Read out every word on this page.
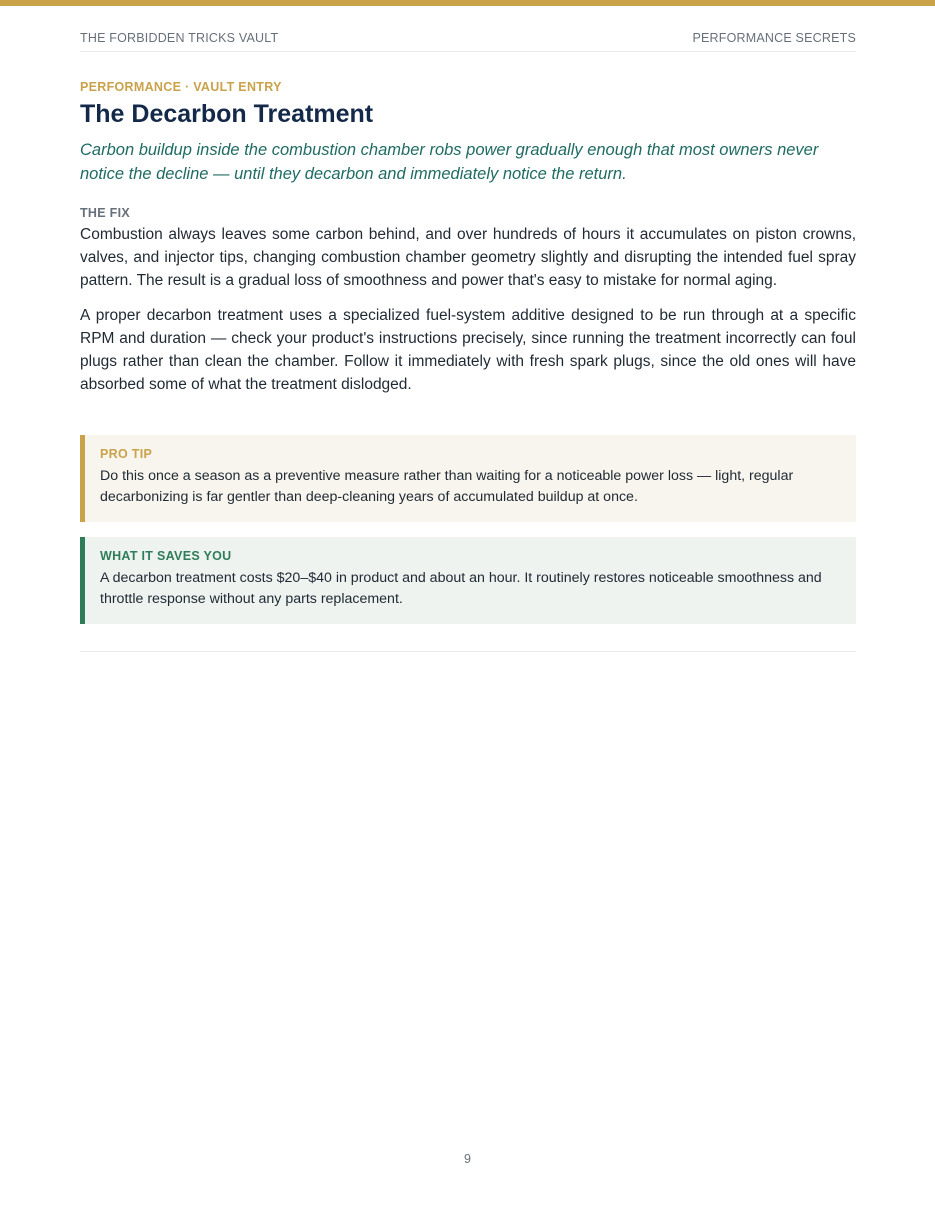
THE FORBIDDEN TRICKS VAULT	PERFORMANCE SECRETS

PERFORMANCE · VAULT ENTRY

The Decarbon Treatment

Carbon buildup inside the combustion chamber robs power gradually enough that most owners never notice the decline — until they decarbon and immediately notice the return.

THE FIX

Combustion always leaves some carbon behind, and over hundreds of hours it accumulates on piston crowns, valves, and injector tips, changing combustion chamber geometry slightly and disrupting the intended fuel spray pattern. The result is a gradual loss of smoothness and power that's easy to mistake for normal aging.

A proper decarbon treatment uses a specialized fuel-system additive designed to be run through at a specific RPM and duration — check your product's instructions precisely, since running the treatment incorrectly can foul plugs rather than clean the chamber. Follow it immediately with fresh spark plugs, since the old ones will have absorbed some of what the treatment dislodged.

PRO TIP

Do this once a season as a preventive measure rather than waiting for a noticeable power loss — light, regular decarbonizing is far gentler than deep-cleaning years of accumulated buildup at once.

WHAT IT SAVES YOU

A decarbon treatment costs $20–$40 in product and about an hour. It routinely restores noticeable smoothness and throttle response without any parts replacement.

9
